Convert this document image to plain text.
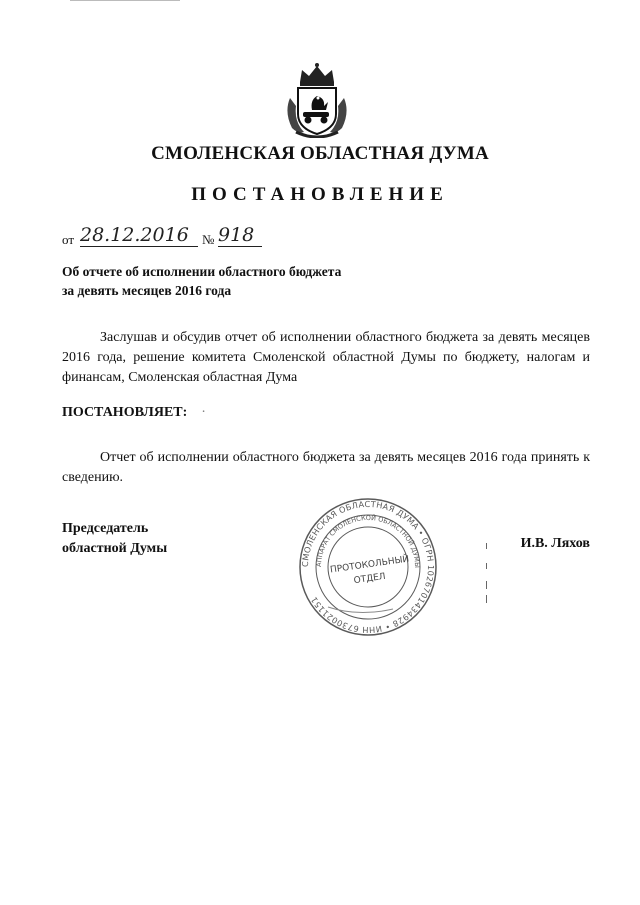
СМОЛЕНСКАЯ ОБЛАСТНАЯ ДУМА
ПОСТАНОВЛЕНИЕ
от 28.12.2016	№ 918

Об отчете об исполнении областного бюджета
за девять месяцев 2016 года

Заслушав и обсудив отчет об исполнении областного бюджета за девять месяцев 2016 года, решение комитета Смоленской областной Думы по бюджету, налогам и финансам, Смоленская областная Дума

ПОСТАНОВЛЯЕТ: ·

Отчет об исполнении областного бюджета за девять месяцев 2016 года принять к сведению.

Председатель
областной Думы
СМОЛЕНСКАЯ ОБЛАСТНАЯ ДУМА • ОГРН 1026701434928 • ИНН 6730021151
АППАРАТ СМОЛЕНСКОЙ ОБЛАСТНОЙ ДУМЫ
ПРОТОКОЛЬНЫЙ
ОТДЕЛ
И.В. Ляхов
